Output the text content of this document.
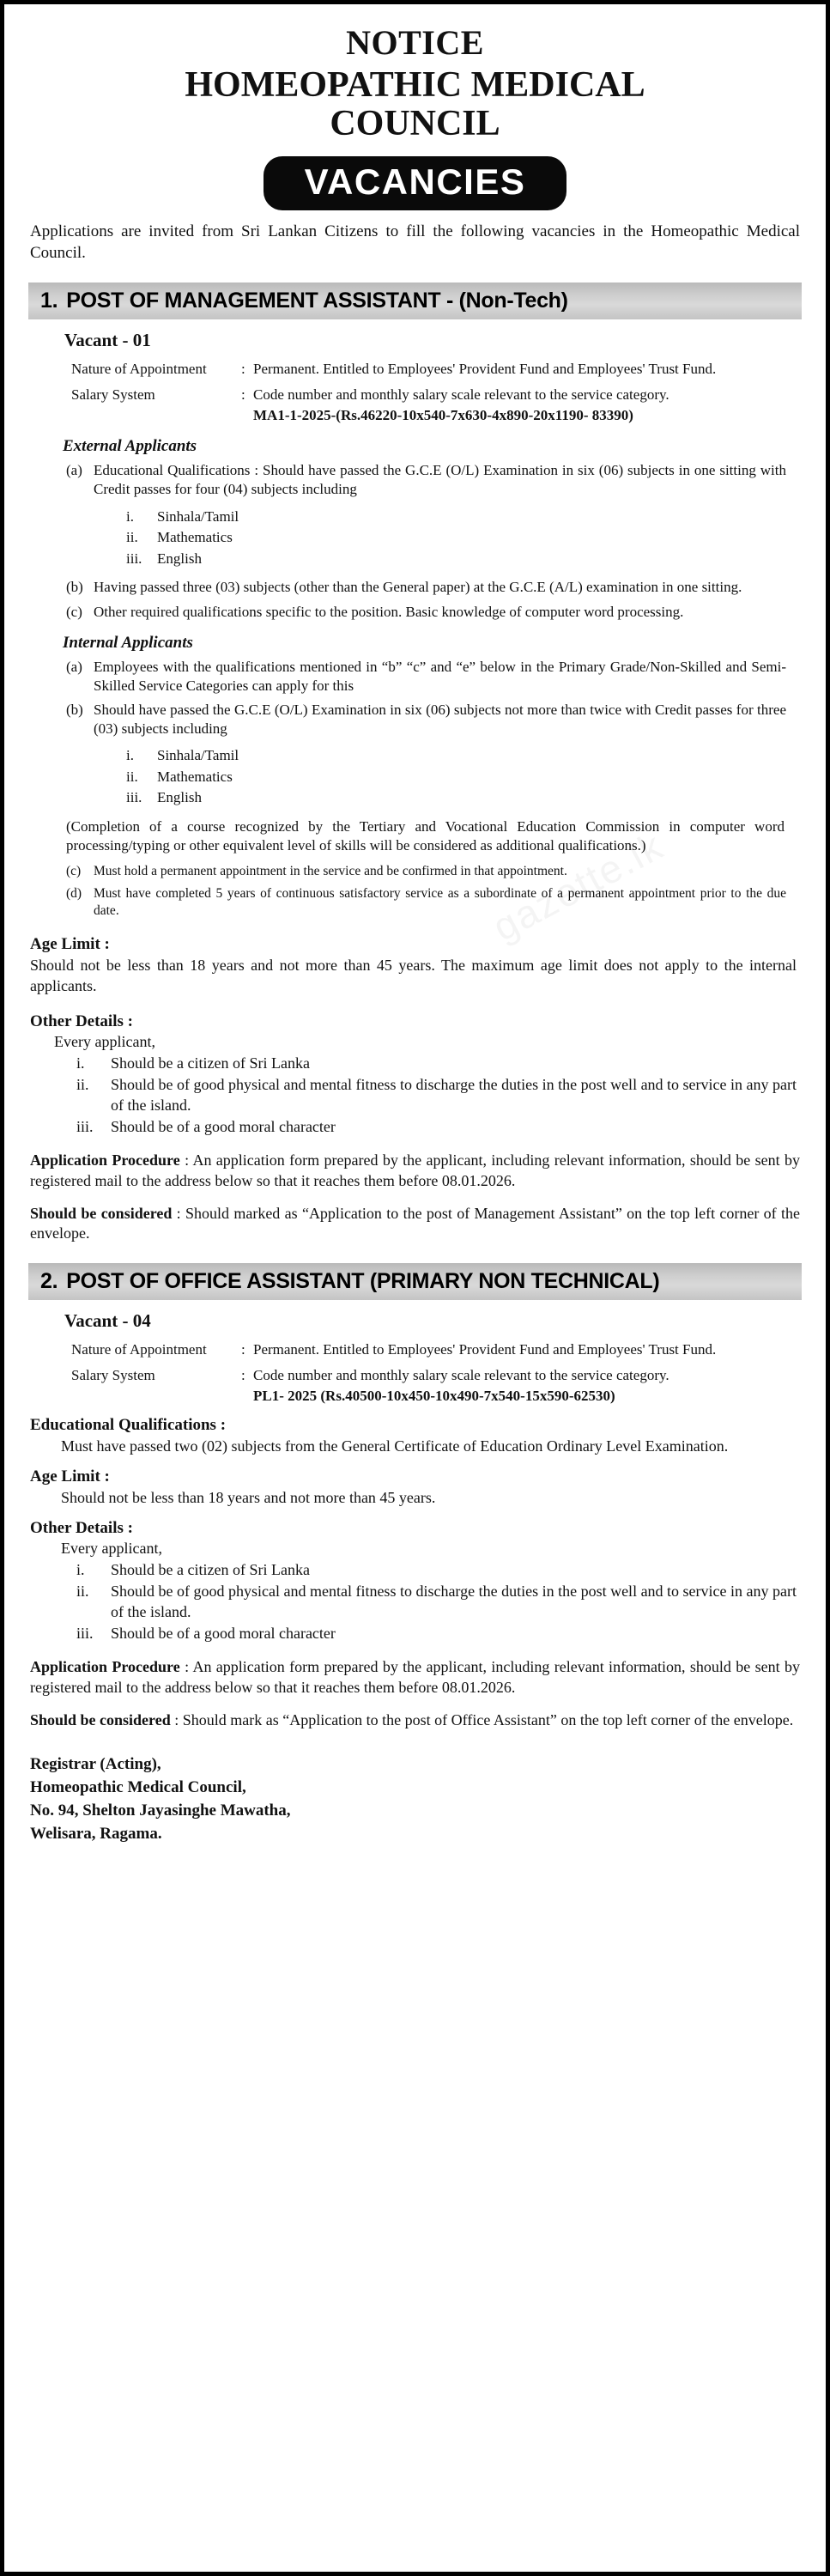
NOTICE
HOMEOPATHIC MEDICAL COUNCIL
VACANCIES
Applications are invited from Sri Lankan Citizens to fill the following vacancies in the Homeopathic Medical Council.
1. POST OF MANAGEMENT ASSISTANT - (Non-Tech)
Vacant - 01
Nature of Appointment	: Permanent. Entitled to Employees' Provident Fund and Employees' Trust Fund.
Salary System	: Code number and monthly salary scale relevant to the service category.
MA1-1-2025-(Rs.46220-10x540-7x630-4x890-20x1190- 83390)
External Applicants
(a) Educational Qualifications : Should have passed the G.C.E (O/L) Examination in six (06) subjects in one sitting with Credit passes for four (04) subjects including
i.	Sinhala/Tamil
ii.	Mathematics
iii.	English
(b) Having passed three (03) subjects (other than the General paper) at the G.C.E (A/L) examination in one sitting.
(c) Other required qualifications specific to the position. Basic knowledge of computer word processing.
Internal Applicants
(a) Employees with the qualifications mentioned in “b” “c” and “e” below in the Primary Grade/Non-Skilled and Semi-Skilled Service Categories can apply for this
(b) Should have passed the G.C.E (O/L) Examination in six (06) subjects not more than twice with Credit passes for three (03) subjects including
i.	Sinhala/Tamil
ii.	Mathematics
iii.	English
(Completion of a course recognized by the Tertiary and Vocational Education Commission in computer word processing/typing or other equivalent level of skills will be considered as additional qualifications.)
(c) Must hold a permanent appointment in the service and be confirmed in that appointment.
(d) Must have completed 5 years of continuous satisfactory service as a subordinate of a permanent appointment prior to the due date.
Age Limit :
Should not be less than 18 years and not more than 45 years. The maximum age limit does not apply to the internal applicants.
Other Details :
Every applicant,
i.	Should be a citizen of Sri Lanka
ii.	Should be of good physical and mental fitness to discharge the duties in the post well and to service in any part of the island.
iii.	Should be of a good moral character
Application Procedure : An application form prepared by the applicant, including relevant information, should be sent by registered mail to the address below so that it reaches them before 08.01.2026.
Should be considered : Should marked as “Application to the post of Management Assistant” on the top left corner of the envelope.
2. POST OF OFFICE ASSISTANT (PRIMARY NON TECHNICAL)
Vacant - 04
Nature of Appointment	: Permanent. Entitled to Employees' Provident Fund and Employees' Trust Fund.
Salary System	: Code number and monthly salary scale relevant to the service category.
PL1- 2025 (Rs.40500-10x450-10x490-7x540-15x590-62530)
Educational Qualifications :
Must have passed two (02) subjects from the General Certificate of Education Ordinary Level Examination.
Age Limit :
Should not be less than 18 years and not more than 45 years.
Other Details :
Every applicant,
i.	Should be a citizen of Sri Lanka
ii.	Should be of good physical and mental fitness to discharge the duties in the post well and to service in any part of the island.
iii.	Should be of a good moral character
Application Procedure : An application form prepared by the applicant, including relevant information, should be sent by registered mail to the address below so that it reaches them before 08.01.2026.
Should be considered : Should mark as “Application to the post of Office Assistant” on the top left corner of the envelope.
Registrar (Acting),
Homeopathic Medical Council,
No. 94, Shelton Jayasinghe Mawatha,
Welisara, Ragama.
